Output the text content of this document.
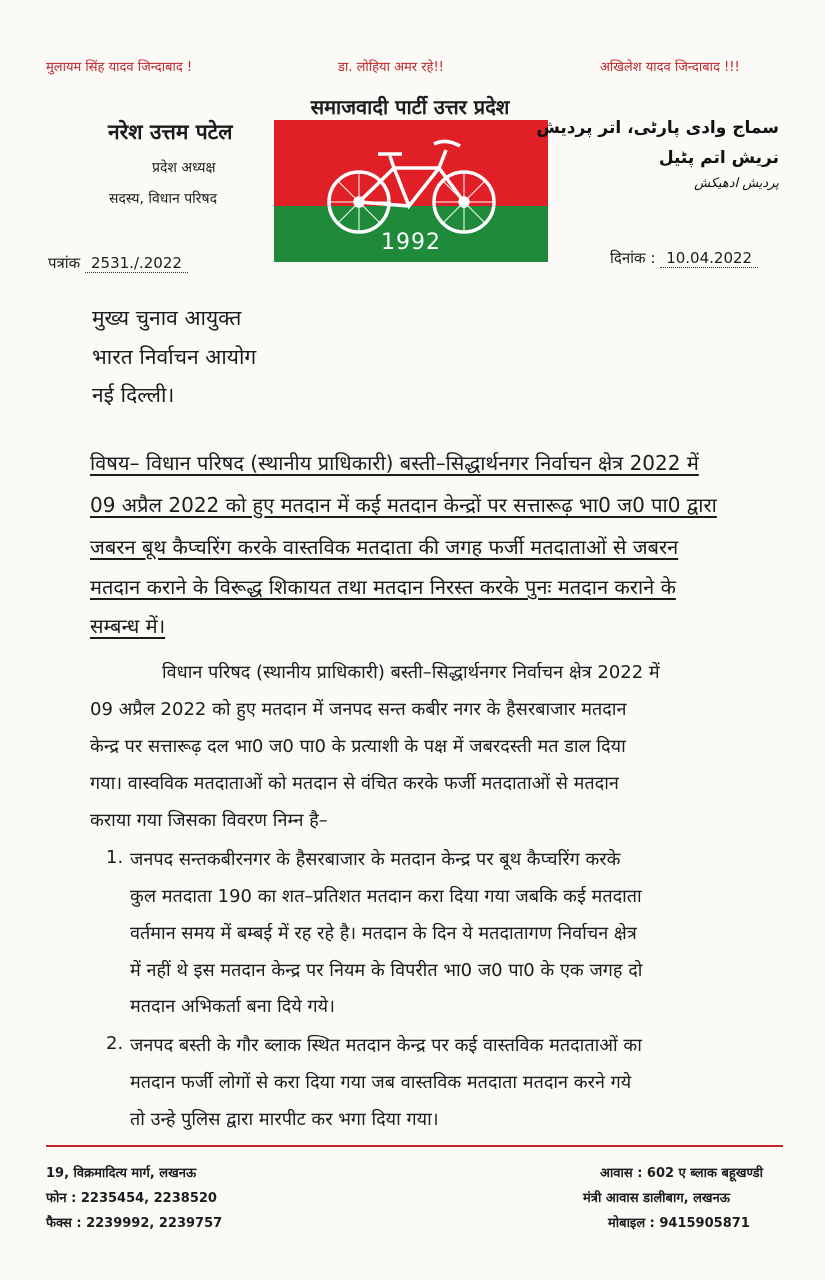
मुलायम सिंह यादव जिन्दाबाद !	डा. लोहिया अमर रहे!!	अखिलेश यादव जिन्दाबाद !!!
नरेश उत्तम पटेल
प्रदेश अध्यक्ष
सदस्य, विधान परिषद
समाजवादी पार्टी उत्तर प्रदेश
1992
سماج وادی پارٹی، اتر پردیش
نریش اتم پٹیل
پردیش ادھیکش
पत्रांक 2531./.2022	दिनांक : 10.04.2022
मुख्य चुनाव आयुक्त
भारत निर्वाचन आयोग
नई दिल्ली।
विषय– विधान परिषद (स्थानीय प्राधिकारी) बस्ती–सिद्धार्थनगर निर्वाचन क्षेत्र 2022 में
09 अप्रैल 2022 को हुए मतदान में कई मतदान केन्द्रों पर सत्तारूढ़ भा0 ज0 पा0 द्वारा
जबरन बूथ कैप्चरिंग करके वास्तविक मतदाता की जगह फर्जी मतदाताओं से जबरन
मतदान कराने के विरूद्ध शिकायत तथा मतदान निरस्त करके पुनः मतदान कराने के
सम्बन्ध में।
विधान परिषद (स्थानीय प्राधिकारी) बस्ती–सिद्धार्थनगर निर्वाचन क्षेत्र 2022 में
09 अप्रैल 2022 को हुए मतदान में जनपद सन्त कबीर नगर के हैसरबाजार मतदान
केन्द्र पर सत्तारूढ़ दल भा0 ज0 पा0 के प्रत्याशी के पक्ष में जबरदस्ती मत डाल दिया
गया। वास्वविक मतदाताओं को मतदान से वंचित करके फर्जी मतदाताओं से मतदान
कराया गया जिसका विवरण निम्न है–
1. जनपद सन्तकबीरनगर के हैसरबाजार के मतदान केन्द्र पर बूथ कैप्चरिंग करके
कुल मतदाता 190 का शत–प्रतिशत मतदान करा दिया गया जबकि कई मतदाता
वर्तमान समय में बम्बई में रह रहे है। मतदान के दिन ये मतदातागण निर्वाचन क्षेत्र
में नहीं थे इस मतदान केन्द्र पर नियम के विपरीत भा0 ज0 पा0 के एक जगह दो
मतदान अभिकर्ता बना दिये गये।
2. जनपद बस्ती के गौर ब्लाक स्थित मतदान केन्द्र पर कई वास्तविक मतदाताओं का
मतदान फर्जी लोगों से करा दिया गया जब वास्तविक मतदाता मतदान करने गये
तो उन्हे पुलिस द्वारा मारपीट कर भगा दिया गया।
19, विक्रमादित्य मार्ग, लखनऊ
फोन : 2235454, 2238520
फैक्स : 2239992, 2239757
आवास : 602 ए ब्लाक बहूखण्डी
मंत्री आवास डालीबाग, लखनऊ
मोबाइल : 9415905871
